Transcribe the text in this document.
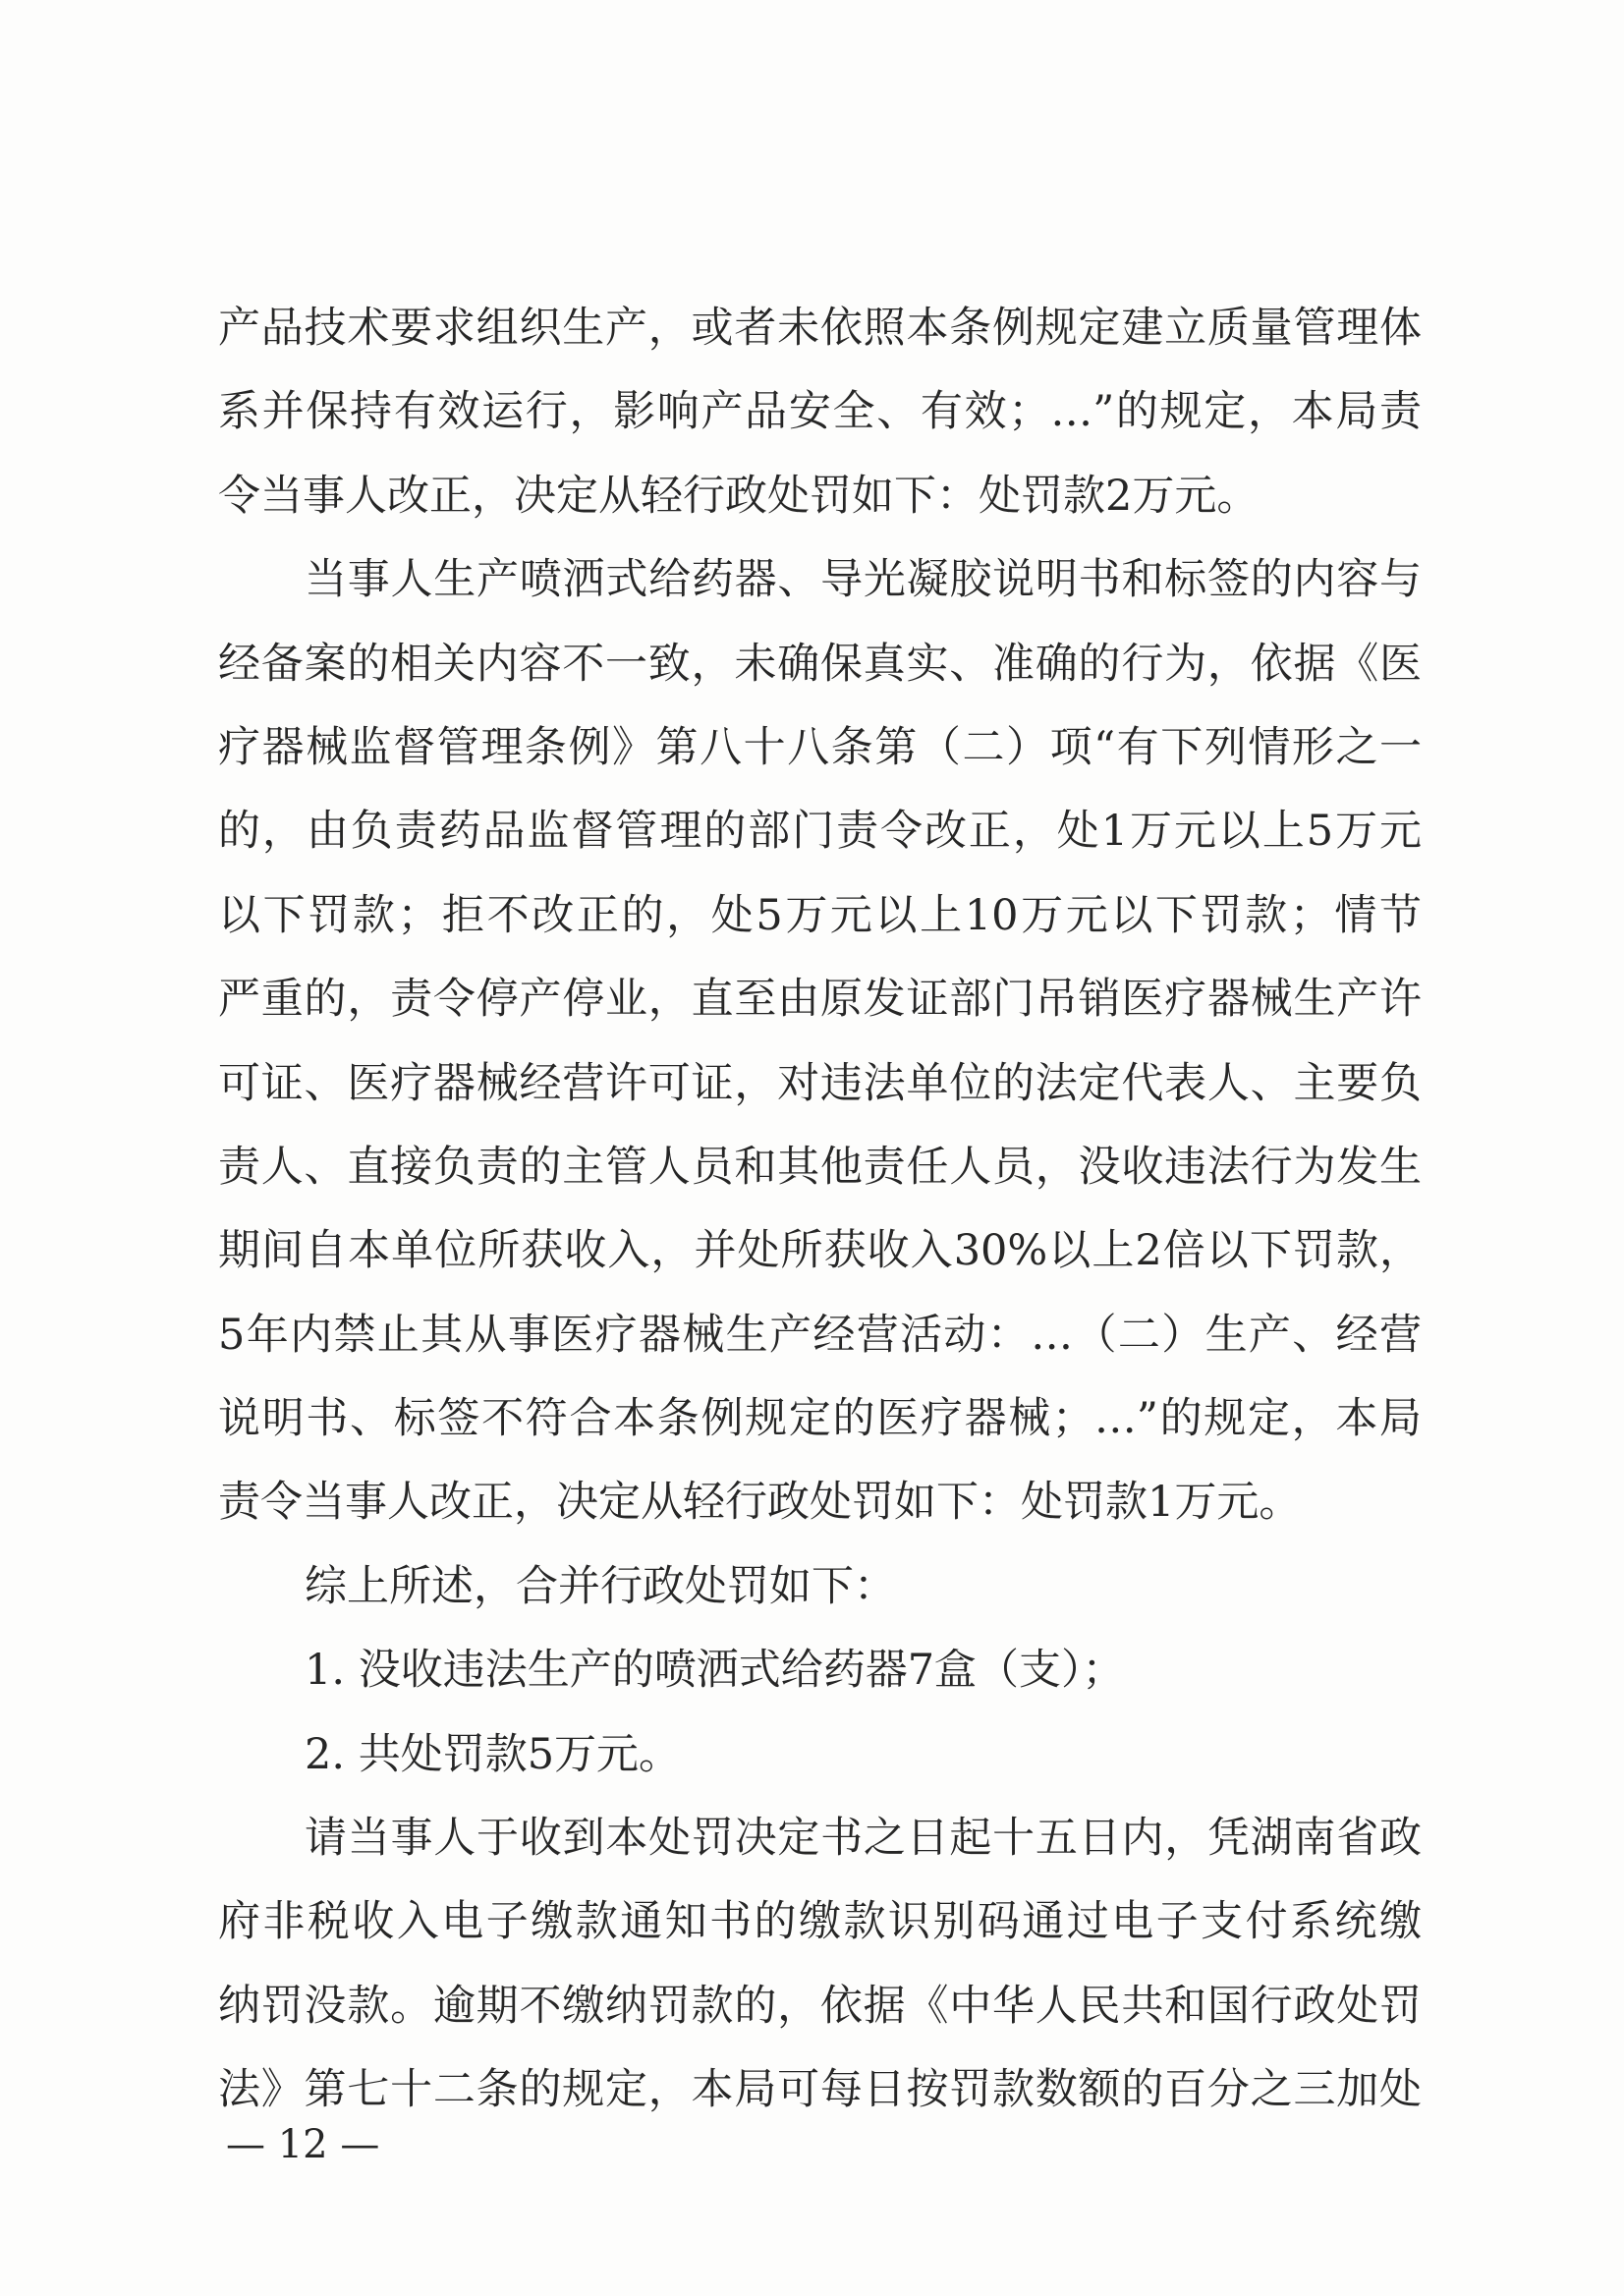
产品技术要求组织生产，或者未依照本条例规定建立质量管理体
系并保持有效运行，影响产品安全、有效；…”的规定，本局责
令当事人改正，决定从轻行政处罚如下：处罚款2万元。
当事人生产喷洒式给药器、导光凝胶说明书和标签的内容与
经备案的相关内容不一致，未确保真实、准确的行为，依据《医
疗器械监督管理条例》第八十八条第（二）项“有下列情形之一
的，由负责药品监督管理的部门责令改正，处1万元以上5万元
以下罚款；拒不改正的，处5万元以上10万元以下罚款；情节
严重的，责令停产停业，直至由原发证部门吊销医疗器械生产许
可证、医疗器械经营许可证，对违法单位的法定代表人、主要负
责人、直接负责的主管人员和其他责任人员，没收违法行为发生
期间自本单位所获收入，并处所获收入30%以上2倍以下罚款，
5年内禁止其从事医疗器械生产经营活动：…（二）生产、经营
说明书、标签不符合本条例规定的医疗器械；…”的规定，本局
责令当事人改正，决定从轻行政处罚如下：处罚款1万元。
综上所述，合并行政处罚如下：
1. 没收违法生产的喷洒式给药器7盒（支）；
2. 共处罚款5万元。
请当事人于收到本处罚决定书之日起十五日内，凭湖南省政
府非税收入电子缴款通知书的缴款识别码通过电子支付系统缴
纳罚没款。逾期不缴纳罚款的，依据《中华人民共和国行政处罚
法》第七十二条的规定，本局可每日按罚款数额的百分之三加处
— 12 —
